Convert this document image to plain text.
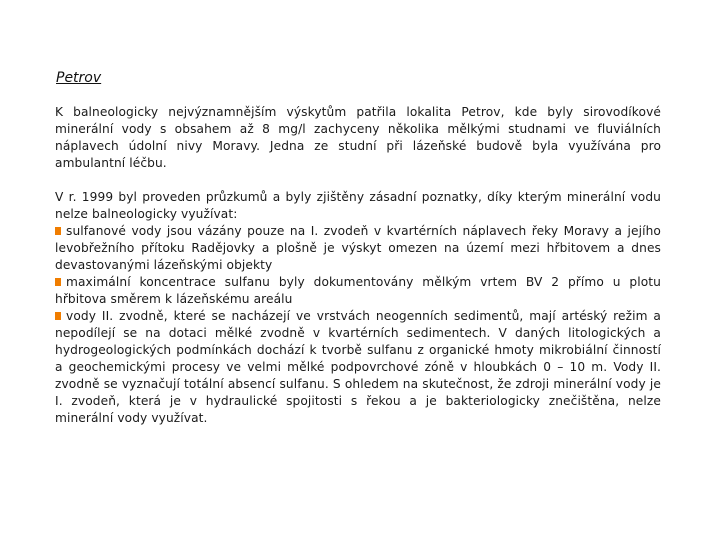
Petrov

K balneologicky nejvýznamnějším výskytům patřila lokalita Petrov, kde byly sirovodíkové minerální vody s obsahem až 8 mg/l zachyceny několika mělkými studnami ve fluviálních náplavech údolní nivy Moravy. Jedna ze studní při lázeňské budově byla využívána pro ambulantní léčbu.

V r. 1999 byl proveden průzkumů a byly zjištěny zásadní poznatky, díky kterým minerální vodu nelze balneologicky využívat:

sulfanové vody jsou vázány pouze na I. zvodeň v kvartérních náplavech řeky Moravy a jejího levobřežního přítoku Radějovky a plošně je výskyt omezen na území mezi hřbitovem a dnes devastovanými lázeňskými objekty

maximální koncentrace sulfanu byly dokumentovány mělkým vrtem BV 2 přímo u plotu hřbitova směrem k lázeňskému areálu

vody II. zvodně, které se nacházejí ve vrstvách neogenních sedimentů, mají artéský režim a nepodílejí se na dotaci mělké zvodně v kvartérních sedimentech. V daných litologických a hydrogeologických podmínkách dochází k tvorbě sulfanu z organické hmoty mikrobiální činností a geochemickými procesy ve velmi mělké podpovrchové zóně v hloubkách 0 – 10 m. Vody II. zvodně se vyznačují totální absencí sulfanu. S ohledem na skutečnost, že zdroji minerální vody je I. zvodeň, která je v hydraulické spojitosti s řekou a je bakteriologicky znečištěna, nelze minerální vody využívat.
